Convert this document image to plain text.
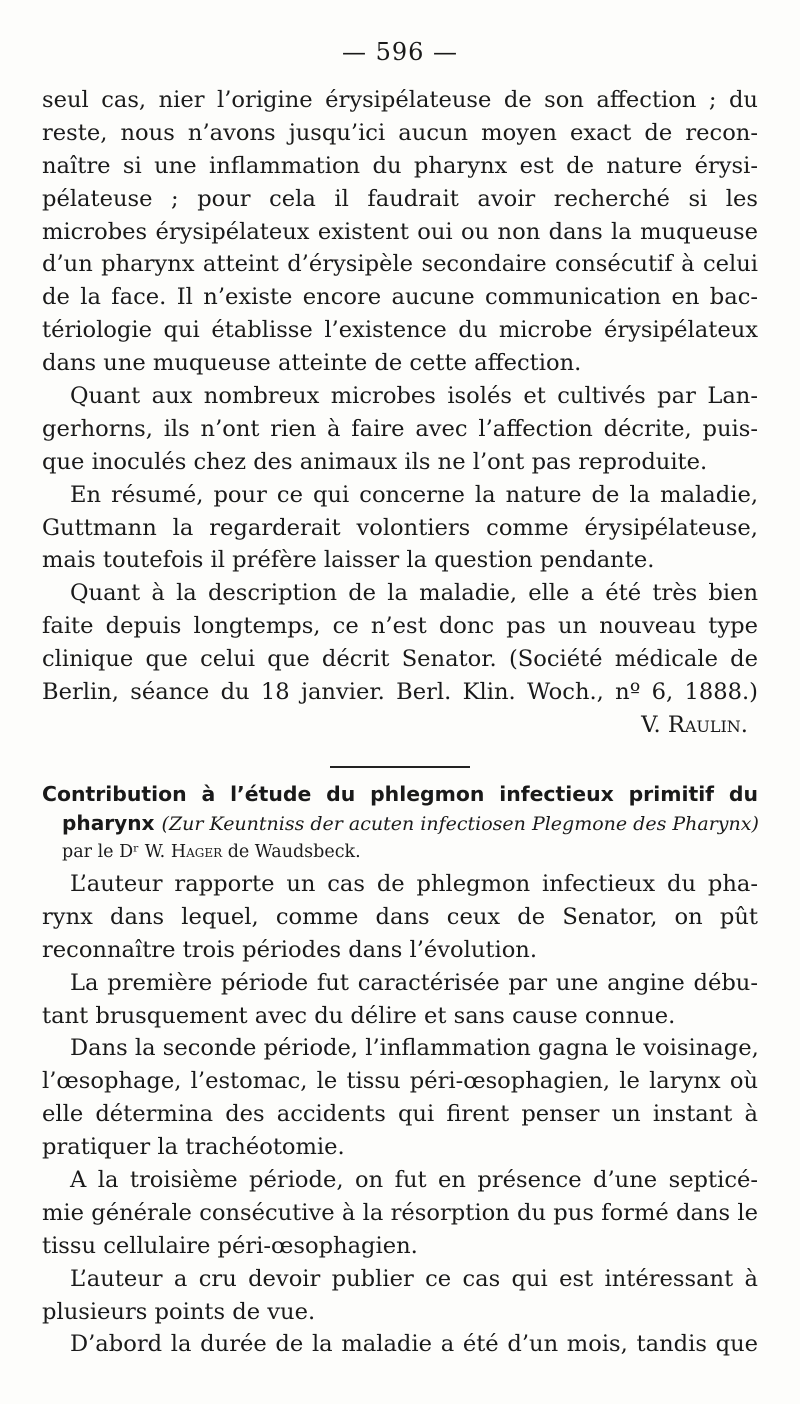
— 596 —
seul cas, nier l’origine érysipélateuse de son affection ; du
reste, nous n’avons jusqu’ici aucun moyen exact de recon-
naître si une inflammation du pharynx est de nature érysi-
pélateuse ; pour cela il faudrait avoir recherché si les
microbes érysipélateux existent oui ou non dans la muqueuse
d’un pharynx atteint d’érysipèle secondaire consécutif à celui
de la face. Il n’existe encore aucune communication en bac-
tériologie qui établisse l’existence du microbe érysipélateux
dans une muqueuse atteinte de cette affection.
Quant aux nombreux microbes isolés et cultivés par Lan-
gerhorns, ils n’ont rien à faire avec l’affection décrite, puis-
que inoculés chez des animaux ils ne l’ont pas reproduite.
En résumé, pour ce qui concerne la nature de la maladie,
Guttmann la regarderait volontiers comme érysipélateuse,
mais toutefois il préfère laisser la question pendante.
Quant à la description de la maladie, elle a été très bien
faite depuis longtemps, ce n’est donc pas un nouveau type
clinique que celui que décrit Senator. (Société médicale de
Berlin, séance du 18 janvier. Berl. Klin. Woch., nº 6, 1888.)
V. Raulin.
Contribution à l’étude du phlegmon infectieux primitif du
pharynx (Zur Keuntniss der acuten infectiosen Plegmone des Pharynx)
par le Dʳ W. Hager de Waudsbeck.
L’auteur rapporte un cas de phlegmon infectieux du pha-
rynx dans lequel, comme dans ceux de Senator, on pût
reconnaître trois périodes dans l’évolution.
La première période fut caractérisée par une angine débu-
tant brusquement avec du délire et sans cause connue.
Dans la seconde période, l’inflammation gagna le voisinage,
l’œsophage, l’estomac, le tissu péri-œsophagien, le larynx où
elle détermina des accidents qui firent penser un instant à
pratiquer la trachéotomie.
A la troisième période, on fut en présence d’une septicé-
mie générale consécutive à la résorption du pus formé dans le
tissu cellulaire péri-œsophagien.
L’auteur a cru devoir publier ce cas qui est intéressant à
plusieurs points de vue.
D’abord la durée de la maladie a été d’un mois, tandis que
